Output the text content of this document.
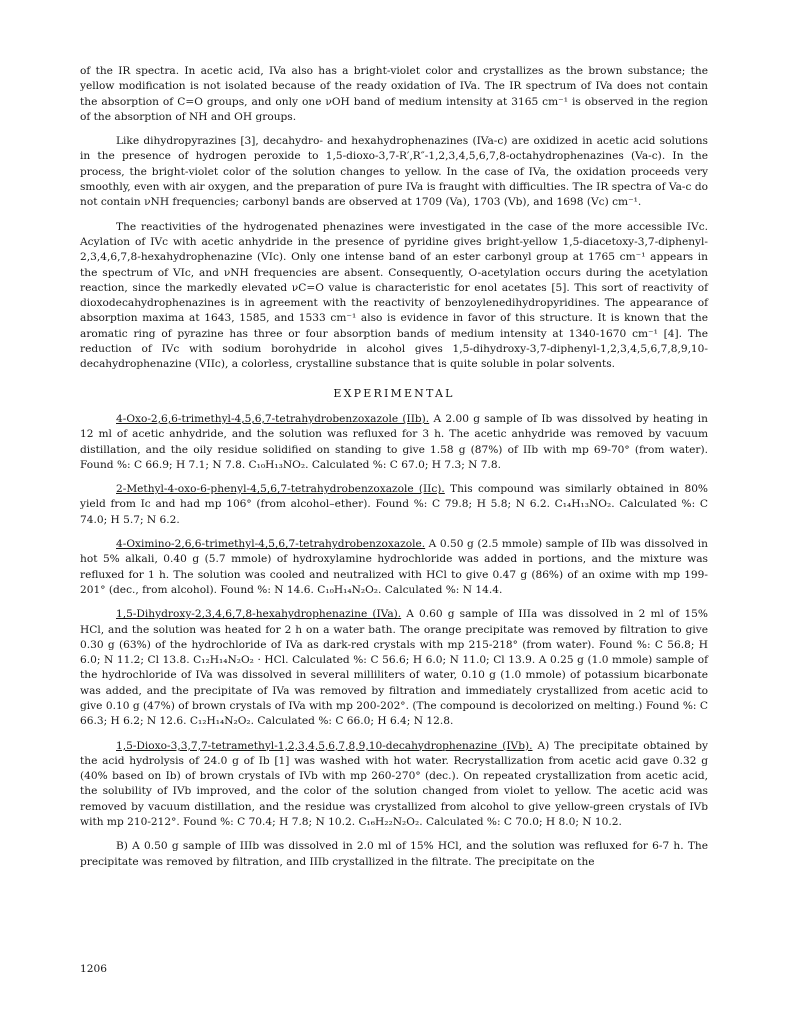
of the IR spectra. In acetic acid, IVa also has a bright-violet color and crystallizes as the brown substance; the yellow modification is not isolated because of the ready oxidation of IVa. The IR spectrum of IVa does not contain the absorption of C=O groups, and only one νOH band of medium intensity at 3165 cm⁻¹ is observed in the region of the absorption of NH and OH groups.

Like dihydropyrazines [3], decahydro- and hexahydrophenazines (IVa-c) are oxidized in acetic acid solutions in the presence of hydrogen peroxide to 1,5-dioxo-3,7-R′,R″-1,2,3,4,5,6,7,8-octahydrophenazines (Va-c). In the process, the bright-violet color of the solution changes to yellow. In the case of IVa, the oxidation proceeds very smoothly, even with air oxygen, and the preparation of pure IVa is fraught with difficulties. The IR spectra of Va-c do not contain νNH frequencies; carbonyl bands are observed at 1709 (Va), 1703 (Vb), and 1698 (Vc) cm⁻¹.

The reactivities of the hydrogenated phenazines were investigated in the case of the more accessible IVc. Acylation of IVc with acetic anhydride in the presence of pyridine gives bright-yellow 1,5-diacetoxy-3,7-diphenyl-2,3,4,6,7,8-hexahydrophenazine (VIc). Only one intense band of an ester carbonyl group at 1765 cm⁻¹ appears in the spectrum of VIc, and νNH frequencies are absent. Consequently, O-acetylation occurs during the acetylation reaction, since the markedly elevated νC=O value is characteristic for enol acetates [5]. This sort of reactivity of dioxodecahydrophenazines is in agreement with the reactivity of benzoylenedihydropyridines. The appearance of absorption maxima at 1643, 1585, and 1533 cm⁻¹ also is evidence in favor of this structure. It is known that the aromatic ring of pyrazine has three or four absorption bands of medium intensity at 1340-1670 cm⁻¹ [4]. The reduction of IVc with sodium borohydride in alcohol gives 1,5-dihydroxy-3,7-diphenyl-1,2,3,4,5,6,7,8,9,10-decahydrophenazine (VIIc), a colorless, crystalline substance that is quite soluble in polar solvents.

EXPERIMENTAL

4-Oxo-2,6,6-trimethyl-4,5,6,7-tetrahydrobenzoxazole (IIb). A 2.00 g sample of Ib was dissolved by heating in 12 ml of acetic anhydride, and the solution was refluxed for 3 h. The acetic anhydride was removed by vacuum distillation, and the oily residue solidified on standing to give 1.58 g (87%) of IIb with mp 69-70° (from water). Found %: C 66.9; H 7.1; N 7.8. C₁₀H₁₃NO₂. Calculated %: C 67.0; H 7.3; N 7.8.

2-Methyl-4-oxo-6-phenyl-4,5,6,7-tetrahydrobenzoxazole (IIc). This compound was similarly obtained in 80% yield from Ic and had mp 106° (from alcohol–ether). Found %: C 79.8; H 5.8; N 6.2. C₁₄H₁₃NO₂. Calculated %: C 74.0; H 5.7; N 6.2.

4-Oximino-2,6,6-trimethyl-4,5,6,7-tetrahydrobenzoxazole. A 0.50 g (2.5 mmole) sample of IIb was dissolved in hot 5% alkali, 0.40 g (5.7 mmole) of hydroxylamine hydrochloride was added in portions, and the mixture was refluxed for 1 h. The solution was cooled and neutralized with HCl to give 0.47 g (86%) of an oxime with mp 199-201° (dec., from alcohol). Found %: N 14.6. C₁₀H₁₄N₂O₂. Calculated %: N 14.4.

1,5-Dihydroxy-2,3,4,6,7,8-hexahydrophenazine (IVa). A 0.60 g sample of IIIa was dissolved in 2 ml of 15% HCl, and the solution was heated for 2 h on a water bath. The orange precipitate was removed by filtration to give 0.30 g (63%) of the hydrochloride of IVa as dark-red crystals with mp 215-218° (from water). Found %: C 56.8; H 6.0; N 11.2; Cl 13.8. C₁₂H₁₄N₂O₂ · HCl. Calculated %: C 56.6; H 6.0; N 11.0; Cl 13.9. A 0.25 g (1.0 mmole) sample of the hydrochloride of IVa was dissolved in several milliliters of water, 0.10 g (1.0 mmole) of potassium bicarbonate was added, and the precipitate of IVa was removed by filtration and immediately crystallized from acetic acid to give 0.10 g (47%) of brown crystals of IVa with mp 200-202°. (The compound is decolorized on melting.) Found %: C 66.3; H 6.2; N 12.6. C₁₂H₁₄N₂O₂. Calculated %: C 66.0; H 6.4; N 12.8.

1,5-Dioxo-3,3,7,7-tetramethyl-1,2,3,4,5,6,7,8,9,10-decahydrophenazine (IVb). A) The precipitate obtained by the acid hydrolysis of 24.0 g of Ib [1] was washed with hot water. Recrystallization from acetic acid gave 0.32 g (40% based on Ib) of brown crystals of IVb with mp 260-270° (dec.). On repeated crystallization from acetic acid, the solubility of IVb improved, and the color of the solution changed from violet to yellow. The acetic acid was removed by vacuum distillation, and the residue was crystallized from alcohol to give yellow-green crystals of IVb with mp 210-212°. Found %: C 70.4; H 7.8; N 10.2. C₁₆H₂₂N₂O₂. Calculated %: C 70.0; H 8.0; N 10.2.

B) A 0.50 g sample of IIIb was dissolved in 2.0 ml of 15% HCl, and the solution was refluxed for 6-7 h. The precipitate was removed by filtration, and IIIb crystallized in the filtrate. The precipitate on the

1206
